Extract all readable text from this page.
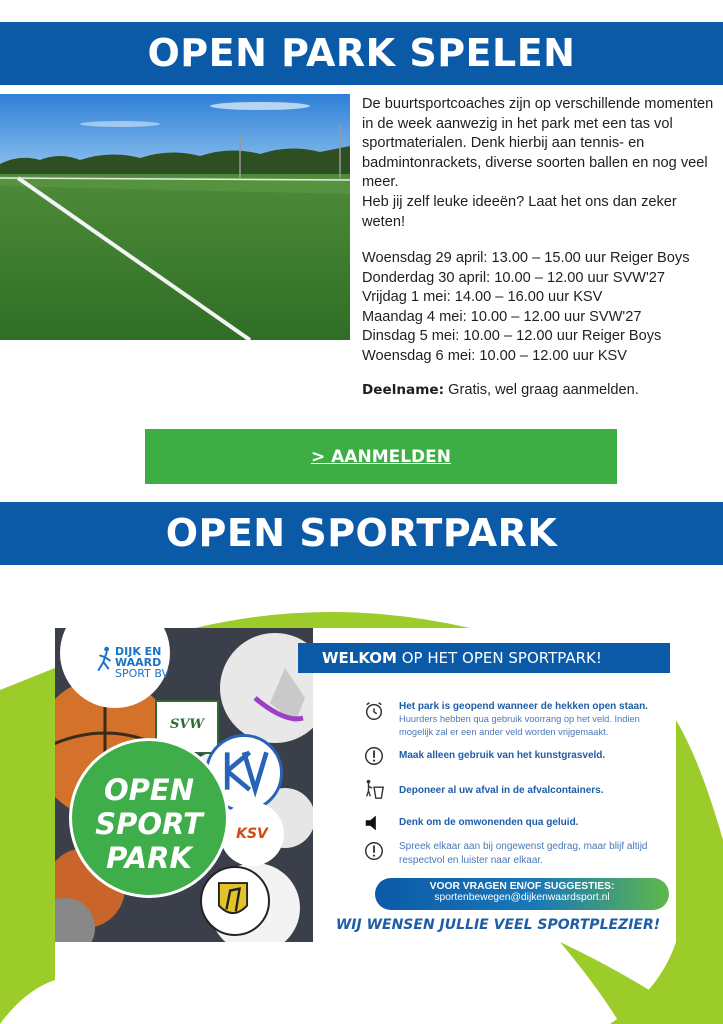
OPEN PARK SPELEN

De buurtsportcoaches zijn op verschillende momenten in de week aanwezig in het park met een tas vol sportmaterialen. Denk hierbij aan tennis- en badmintonrackets, diverse soorten ballen en nog veel meer.

Heb jij zelf leuke ideeën? Laat het ons dan zeker weten!

Woensdag 29 april: 13.00 – 15.00 uur Reiger Boys
Donderdag 30 april: 10.00 – 12.00 uur SVW'27
Vrijdag 1 mei: 14.00 – 16.00 uur KSV
Maandag 4 mei: 10.00 – 12.00 uur SVW'27
Dinsdag 5 mei: 10.00 – 12.00 uur Reiger Boys
Woensdag 6 mei: 10.00 – 12.00 uur KSV
Deelname: Gratis, wel graag aanmelden.
> AANMELDEN
OPEN SPORTPARK
DIJK EN
WAARD
SPORT BV
SVW
KSV
OPEN
SPORT
PARK
WELKOM OP HET OPEN SPORTPARK!
Het park is geopend wanneer de hekken open staan.
Huurders hebben qua gebruik voorrang op het veld. Indien mogelijk zal er een ander veld worden vrijgemaakt.
Maak alleen gebruik van het kunstgrasveld.
Deponeer al uw afval in de afvalcontainers.
Denk om de omwonenden qua geluid.
Spreek elkaar aan bij ongewenst gedrag, maar blijf altijd respectvol en luister naar elkaar.
VOOR VRAGEN EN/OF SUGGESTIES:
sportenbewegen@dijkenwaardsport.nl
WIJ WENSEN JULLIE VEEL SPORTPLEZIER!
